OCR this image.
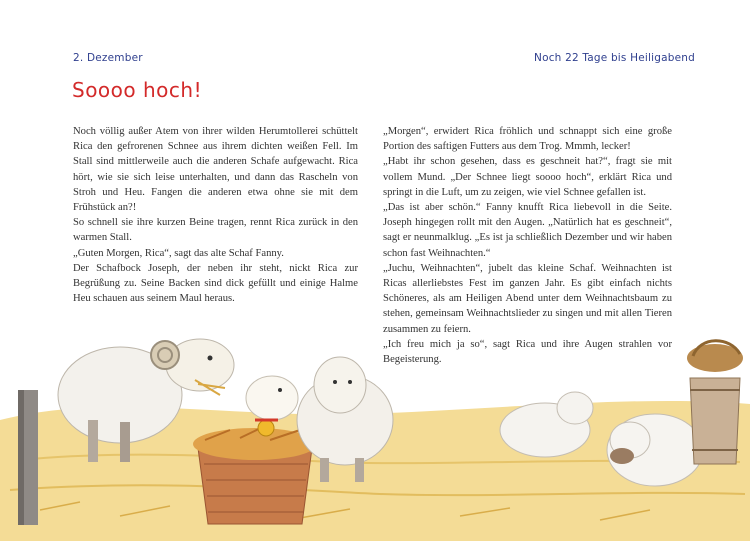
2. Dezember	Noch 22 Tage bis Heiligabend
Soooo hoch!

Noch völlig außer Atem von ihrer wilden Herumtollerei schüttelt Rica den gefrorenen Schnee aus ihrem dichten weißen Fell. Im Stall sind mittlerweile auch die anderen Schafe aufgewacht. Rica hört, wie sie sich leise unterhalten, und dann das Rascheln von Stroh und Heu. Fangen die anderen etwa ohne sie mit dem Frühstück an?!

So schnell sie ihre kurzen Beine tragen, rennt Rica zurück in den warmen Stall.

„Guten Morgen, Rica“, sagt das alte Schaf Fanny.

Der Schafbock Joseph, der neben ihr steht, nickt Rica zur Begrüßung zu. Seine Backen sind dick gefüllt und einige Halme Heu schauen aus seinem Maul heraus.

„Morgen“, erwidert Rica fröhlich und schnappt sich eine große Portion des saftigen Futters aus dem Trog. Mmmh, lecker!

„Habt ihr schon gesehen, dass es geschneit hat?“, fragt sie mit vollem Mund. „Der Schnee liegt soooo hoch“, erklärt Rica und springt in die Luft, um zu zeigen, wie viel Schnee gefallen ist.

„Das ist aber schön.“ Fanny knufft Rica liebevoll in die Seite. Joseph hingegen rollt mit den Augen. „Natürlich hat es geschneit“, sagt er neunmalklug. „Es ist ja schließlich Dezember und wir haben schon fast Weihnachten.“

„Juchu, Weihnachten“, jubelt das kleine Schaf. Weihnachten ist Ricas allerliebstes Fest im ganzen Jahr. Es gibt einfach nichts Schöneres, als am Heiligen Abend unter dem Weihnachtsbaum zu stehen, gemeinsam Weihnachtslieder zu singen und mit allen Tieren zusammen zu feiern.

„Ich freu mich ja so“, sagt Rica und ihre Augen strahlen vor Begeisterung.
